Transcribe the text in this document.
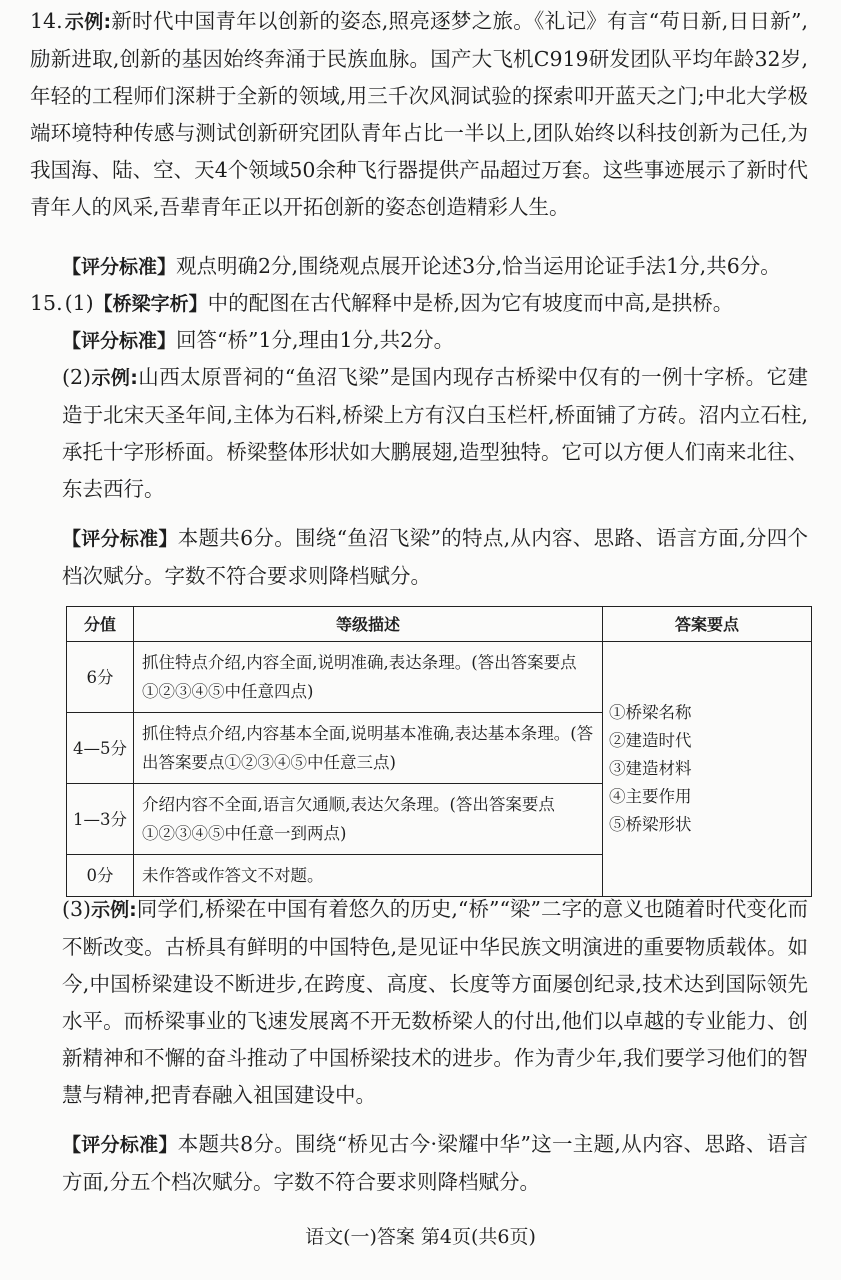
14. 示例:新时代中国青年以创新的姿态,照亮逐梦之旅。《礼记》有言“苟日新,日日新”,励新进取,创新的基因始终奔涌于民族血脉。国产大飞机C919研发团队平均年龄32岁,年轻的工程师们深耕于全新的领域,用三千次风洞试验的探索叩开蓝天之门;中北大学极端环境特种传感与测试创新研究团队青年占比一半以上,团队始终以科技创新为己任,为我国海、陆、空、天4个领域50余种飞行器提供产品超过万套。这些事迹展示了新时代青年人的风采,吾辈青年正以开拓创新的姿态创造精彩人生。

【评分标准】观点明确2分,围绕观点展开论述3分,恰当运用论证手法1分,共6分。

15.(1)【桥梁字析】中的配图在古代解释中是桥,因为它有坡度而中高,是拱桥。

【评分标准】回答“桥”1分,理由1分,共2分。

(2)示例:山西太原晋祠的“鱼沼飞梁”是国内现存古桥梁中仅有的一例十字桥。它建造于北宋天圣年间,主体为石料,桥梁上方有汉白玉栏杆,桥面铺了方砖。沼内立石柱,承托十字形桥面。桥梁整体形状如大鹏展翅,造型独特。它可以方便人们南来北往、东去西行。

【评分标准】本题共6分。围绕“鱼沼飞梁”的特点,从内容、思路、语言方面,分四个档次赋分。字数不符合要求则降档赋分。

分值	等级描述	答案要点
6分	抓住特点介绍,内容全面,说明准确,表达条理。(答出答案要点①②③④⑤中任意四点)	①桥梁名称
②建造时代
③建造材料
④主要作用
⑤桥梁形状

4—5分	抓住特点介绍,内容基本全面,说明基本准确,表达基本条理。(答出答案要点①②③④⑤中任意三点)	
1—3分	介绍内容不全面,语言欠通顺,表达欠条理。(答出答案要点①②③④⑤中任意一到两点)	
0分	未作答或作答文不对题。	

(3)示例:同学们,桥梁在中国有着悠久的历史,“桥”“梁”二字的意义也随着时代变化而不断改变。古桥具有鲜明的中国特色,是见证中华民族文明演进的重要物质载体。如今,中国桥梁建设不断进步,在跨度、高度、长度等方面屡创纪录,技术达到国际领先水平。而桥梁事业的飞速发展离不开无数桥梁人的付出,他们以卓越的专业能力、创新精神和不懈的奋斗推动了中国桥梁技术的进步。作为青少年,我们要学习他们的智慧与精神,把青春融入祖国建设中。

【评分标准】本题共8分。围绕“桥见古今·梁耀中华”这一主题,从内容、思路、语言方面,分五个档次赋分。字数不符合要求则降档赋分。

语文(一)答案 第4页(共6页)
